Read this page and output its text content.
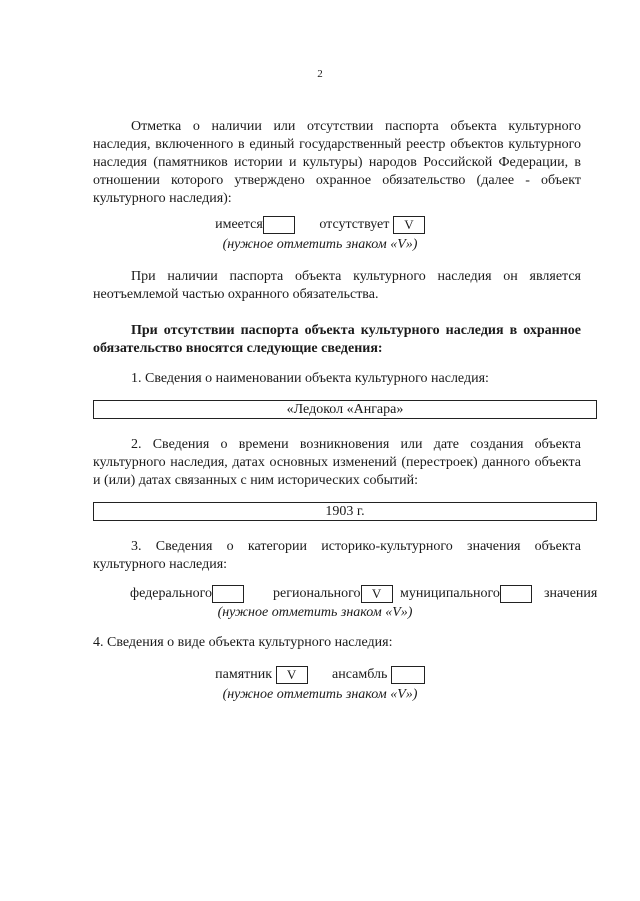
2

Отметка о наличии или отсутствии паспорта объекта культурного наследия, включенного в единый государственный реестр объектов культурного наследия (памятников истории и культуры) народов Российской Федерации, в отношении которого утверждено охранное обязательство (далее - объект культурного наследия):

имеется	отсутствует V
(нужное отметить знаком «V»)

При наличии паспорта объекта культурного наследия он является неотъемлемой частью охранного обязательства.

При отсутствии паспорта объекта культурного наследия в охранное обязательство вносятся следующие сведения:

1. Сведения о наименовании объекта культурного наследия:

«Ледокол «Ангара»

2. Сведения о времени возникновения или дате создания объекта культурного наследия, датах основных изменений (перестроек) данного объекта и (или) датах связанных с ним исторических событий:

1903 г.

3. Сведения о категории историко-культурного значения объекта культурного наследия:

федерального	регионального V	муниципального	значения
(нужное отметить знаком «V»)

4. Сведения о виде объекта культурного наследия:

памятник V	ансамбль
(нужное отметить знаком «V»)
